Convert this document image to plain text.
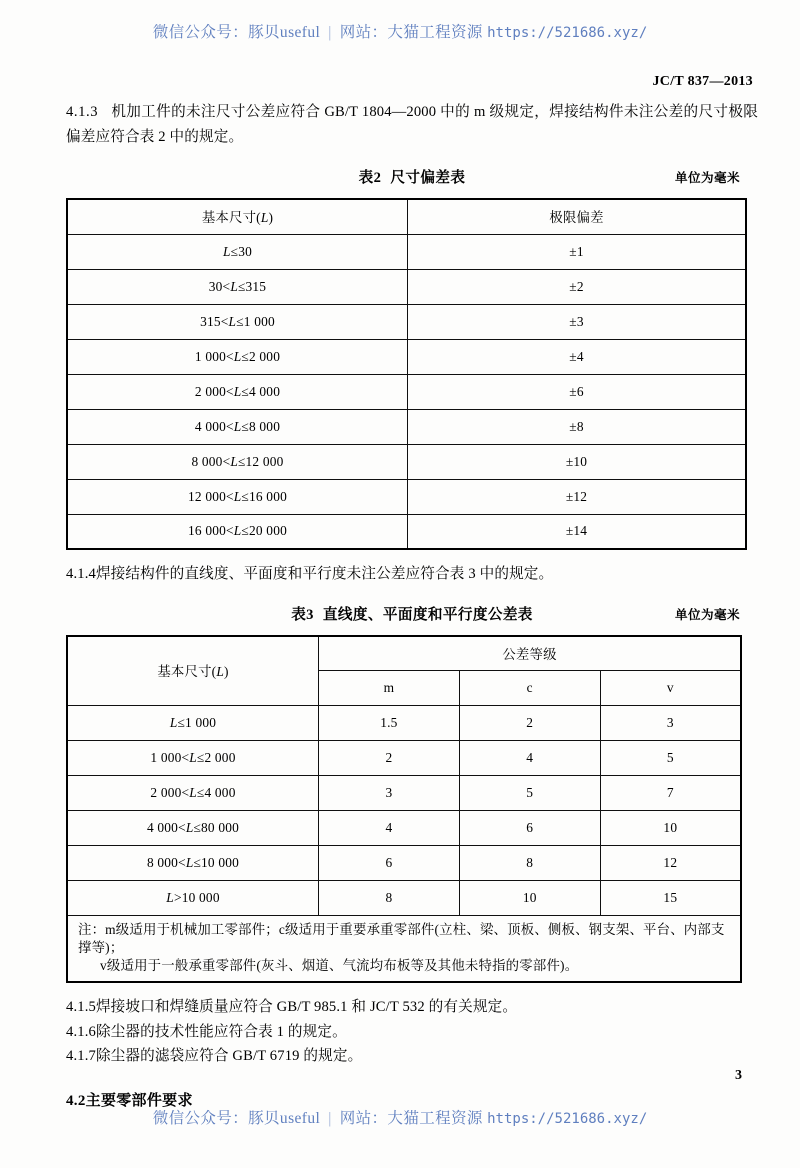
微信公众号：豚贝useful | 网站：大猫工程资源 https://521686.xyz/
JC/T 837—2013

4.1.3 机加工件的未注尺寸公差应符合 GB/T 1804—2000 中的 m 级规定，焊接结构件未注公差的尺寸极限偏差应符合表 2 中的规定。

表2 尺寸偏差表	单位为毫米
基本尺寸(L)	极限偏差
L≤30	±1
30<L≤315	±2
315<L≤1 000	±3
1 000<L≤2 000	±4
2 000<L≤4 000	±6
4 000<L≤8 000	±8
8 000<L≤12 000	±10
12 000<L≤16 000	±12
16 000<L≤20 000	±14

4.1.4焊接结构件的直线度、平面度和平行度未注公差应符合表 3 中的规定。

表3 直线度、平面度和平行度公差表	单位为毫米
基本尺寸(L)	公差等级		
	m	c	v
L≤1 000	1.5	2	3
1 000<L≤2 000	2	4	5
2 000<L≤4 000	3	5	7
4 000<L≤80 000	4	6	10
8 000<L≤10 000	6	8	12
L>10 000	8	10	15
注：m级适用于机械加工零部件；c级适用于重要承重零部件(立柱、梁、顶板、侧板、钢支架、平台、内部支撑等)；
v级适用于一般承重零部件(灰斗、烟道、气流均布板等及其他未特指的零部件)。			

4.1.5焊接坡口和焊缝质量应符合 GB/T 985.1 和 JC/T 532 的有关规定。

4.1.6除尘器的技术性能应符合表 1 的规定。

4.1.7除尘器的滤袋应符合 GB/T 6719 的规定。

4.2主要零部件要求

3
微信公众号：豚贝useful | 网站：大猫工程资源 https://521686.xyz/
